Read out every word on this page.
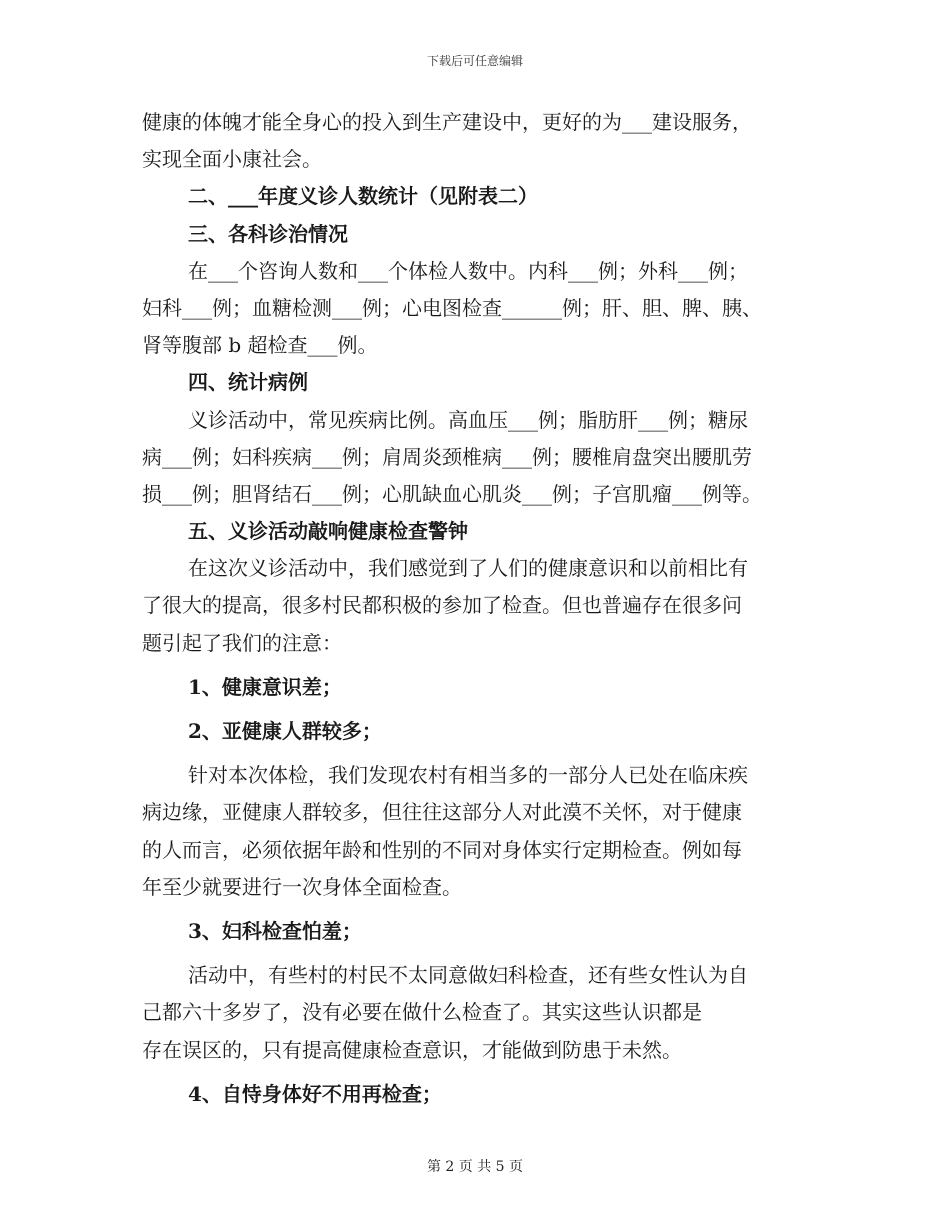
下载后可任意编辑
健康的体魄才能全身心的投入到生产建设中，更好的为___建设服务，
实现全面小康社会。
二、___年度义诊人数统计（见附表二）
三、各科诊治情况
在___个咨询人数和___个体检人数中。内科___例；外科___例；
妇科___例；血糖检测___例；心电图检查______例；肝、胆、脾、胰、
肾等腹部 b 超检查___例。
四、统计病例
义诊活动中，常见疾病比例。高血压___例；脂肪肝___例；糖尿
病___例；妇科疾病___例；肩周炎颈椎病___例；腰椎肩盘突出腰肌劳
损___例；胆肾结石___例；心肌缺血心肌炎___例；子宫肌瘤___例等。
五、义诊活动敲响健康检查警钟
在这次义诊活动中，我们感觉到了人们的健康意识和以前相比有
了很大的提高，很多村民都积极的参加了检查。但也普遍存在很多问
题引起了我们的注意：
1、健康意识差；
2、亚健康人群较多；
针对本次体检，我们发现农村有相当多的一部分人已处在临床疾
病边缘，亚健康人群较多，但往往这部分人对此漠不关怀，对于健康
的人而言，必须依据年龄和性别的不同对身体实行定期检查。例如每
年至少就要进行一次身体全面检查。
3、妇科检查怕羞；
活动中，有些村的村民不太同意做妇科检查，还有些女性认为自
己都六十多岁了，没有必要在做什么检查了。其实这些认识都是
存在误区的，只有提高健康检查意识，才能做到防患于未然。
4、自恃身体好不用再检查；
第 2 页 共 5 页
